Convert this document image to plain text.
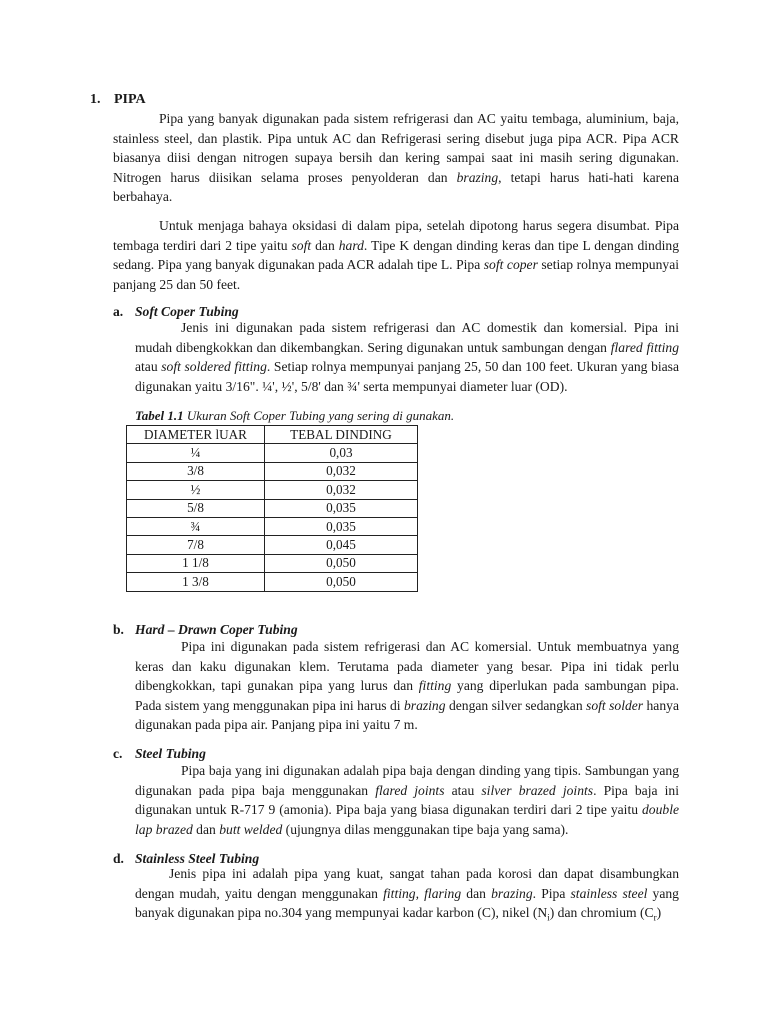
1. PIPA

Pipa yang banyak digunakan pada sistem refrigerasi dan AC yaitu tembaga, aluminium, baja, stainless steel, dan plastik. Pipa untuk AC dan Refrigerasi sering disebut juga pipa ACR. Pipa ACR biasanya diisi dengan nitrogen supaya bersih dan kering sampai saat ini masih sering digunakan. Nitrogen harus diisikan selama proses penyolderan dan brazing, tetapi harus hati-hati karena berbahaya.

Untuk menjaga bahaya oksidasi di dalam pipa, setelah dipotong harus segera disumbat. Pipa tembaga terdiri dari 2 tipe yaitu soft dan hard. Tipe K dengan dinding keras dan tipe L dengan dinding sedang. Pipa yang banyak digunakan pada ACR adalah tipe L. Pipa soft coper setiap rolnya mempunyai panjang 25 dan 50 feet.

a. Soft Coper Tubing

Jenis ini digunakan pada sistem refrigerasi dan AC domestik dan komersial. Pipa ini mudah dibengkokkan dan dikembangkan. Sering digunakan untuk sambungan dengan flared fitting atau soft soldered fitting. Setiap rolnya mempunyai panjang 25, 50 dan 100 feet. Ukuran yang biasa digunakan yaitu 3/16". ¼', ½', 5/8' dan ¾' serta mempunyai diameter luar (OD).

Tabel 1.1 Ukuran Soft Coper Tubing yang sering di gunakan.
DIAMETER lUAR	TEBAL DINDING
¼	0,03
3/8	0,032
½	0,032
5/8	0,035
¾	0,035
7/8	0,045
1 1/8	0,050
1 3/8	0,050
b. Hard – Drawn Coper Tubing

Pipa ini digunakan pada sistem refrigerasi dan AC komersial. Untuk membuatnya yang keras dan kaku digunakan klem. Terutama pada diameter yang besar. Pipa ini tidak perlu dibengkokkan, tapi gunakan pipa yang lurus dan fitting yang diperlukan pada sambungan pipa. Pada sistem yang menggunakan pipa ini harus di brazing dengan silver sedangkan soft solder hanya digunakan pada pipa air. Panjang pipa ini yaitu 7 m.

c. Steel Tubing

Pipa baja yang ini digunakan adalah pipa baja dengan dinding yang tipis. Sambungan yang digunakan pada pipa baja menggunakan flared joints atau silver brazed joints. Pipa baja ini digunakan untuk R-717 9 (amonia). Pipa baja yang biasa digunakan terdiri dari 2 tipe yaitu double lap brazed dan butt welded (ujungnya dilas menggunakan tipe baja yang sama).

d. Stainless Steel Tubing

Jenis pipa ini adalah pipa yang kuat, sangat tahan pada korosi dan dapat disambungkan dengan mudah, yaitu dengan menggunakan fitting, flaring dan brazing. Pipa stainless steel yang banyak digunakan pipa no.304 yang mempunyai kadar karbon (C), nikel $(N_i)$ dan chromium $(C_r)$
